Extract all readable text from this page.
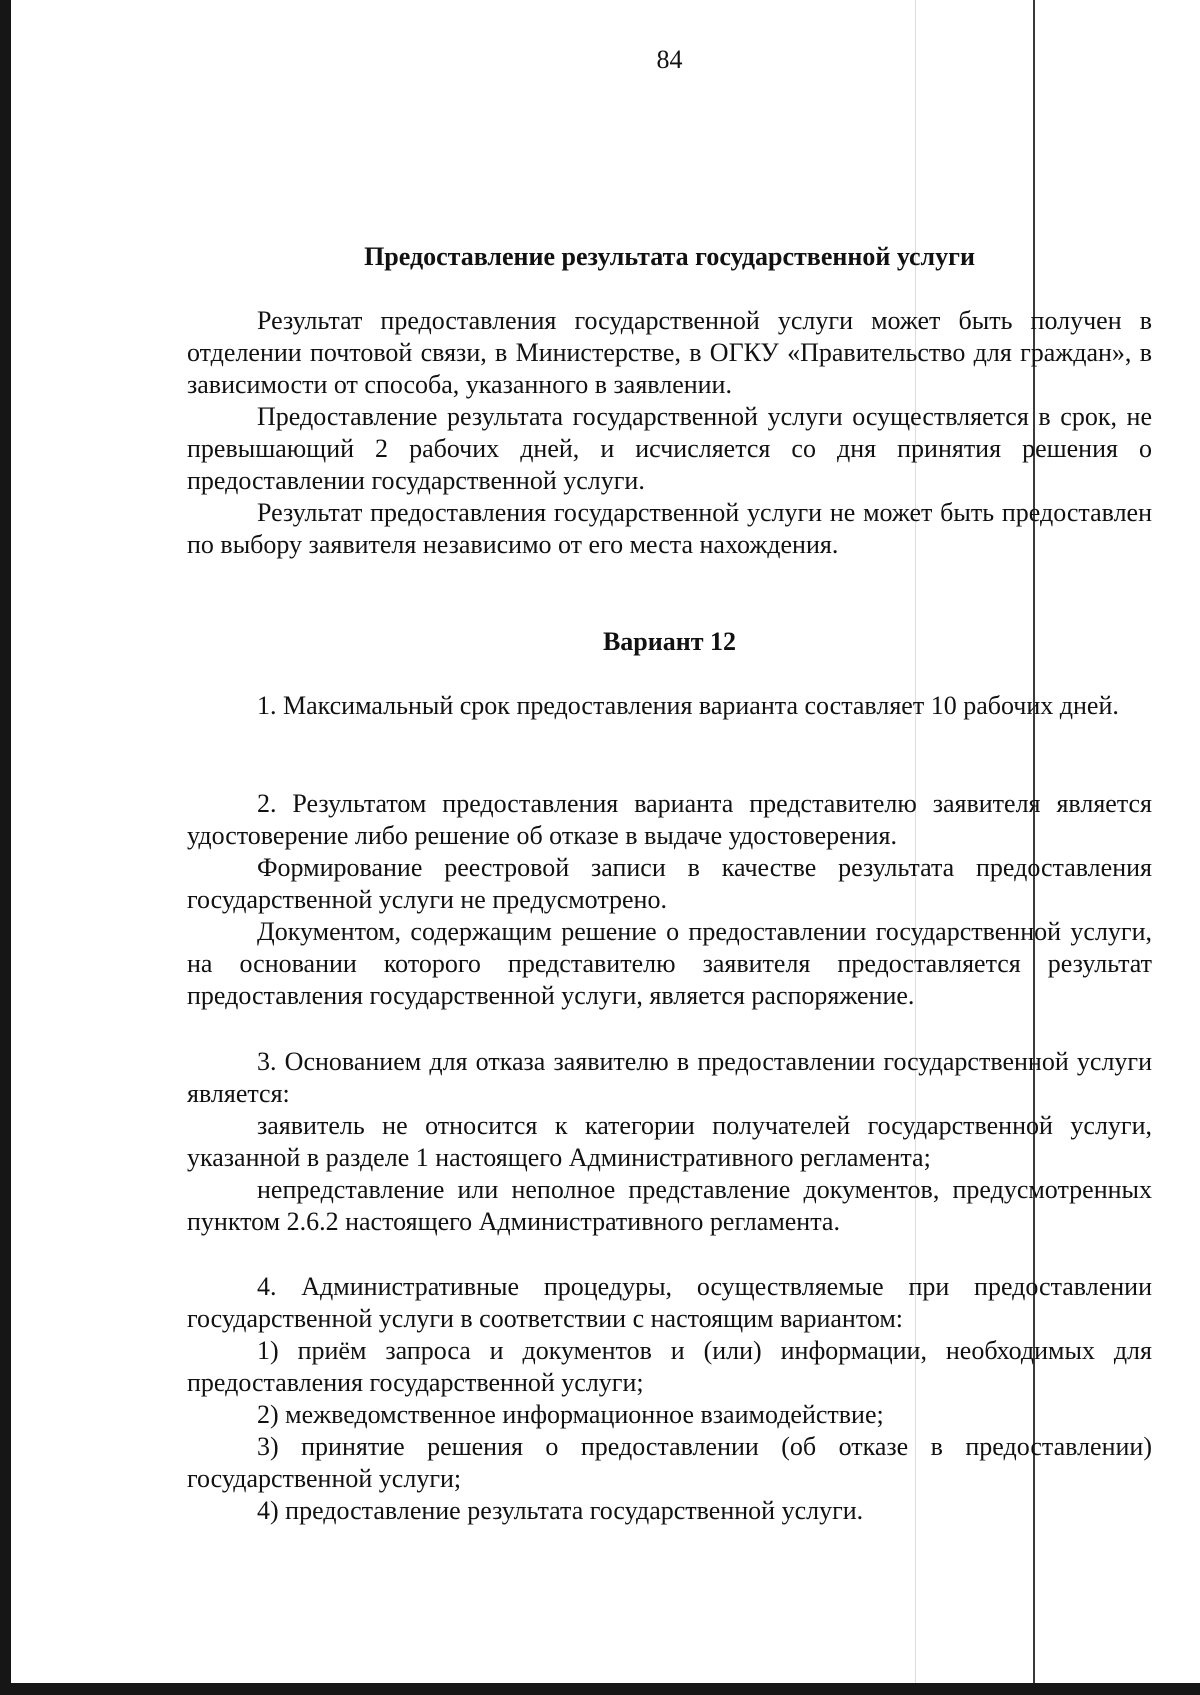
84
Предоставление результата государственной услуги

Результат предоставления государственной услуги может быть получен в отделении почтовой связи, в Министерстве, в ОГКУ «Правительство для граждан», в зависимости от способа, указанного в заявлении.

Предоставление результата государственной услуги осуществляется в срок, не превышающий 2 рабочих дней, и исчисляется со дня принятия решения о предоставлении государственной услуги.

Результат предоставления государственной услуги не может быть предоставлен по выбору заявителя независимо от его места нахождения.

Вариант 12

1. Максимальный срок предоставления варианта составляет 10 рабочих дней.

2. Результатом предоставления варианта представителю заявителя является удостоверение либо решение об отказе в выдаче удостоверения.

Формирование реестровой записи в качестве результата предоставления государственной услуги не предусмотрено.

Документом, содержащим решение о предоставлении государственной услуги, на основании которого представителю заявителя предоставляется результат предоставления государственной услуги, является распоряжение.

3. Основанием для отказа заявителю в предоставлении государственной услуги является:

заявитель не относится к категории получателей государственной услуги, указанной в разделе 1 настоящего Административного регламента;

непредставление или неполное представление документов, предусмотренных пунктом 2.6.2 настоящего Административного регламента.

4. Административные процедуры, осуществляемые при предоставлении государственной услуги в соответствии с настоящим вариантом:

1) приём запроса и документов и (или) информации, необходимых для предоставления государственной услуги;

2) межведомственное информационное взаимодействие;

3) принятие решения о предоставлении (об отказе в предоставлении) государственной услуги;

4) предоставление результата государственной услуги.
